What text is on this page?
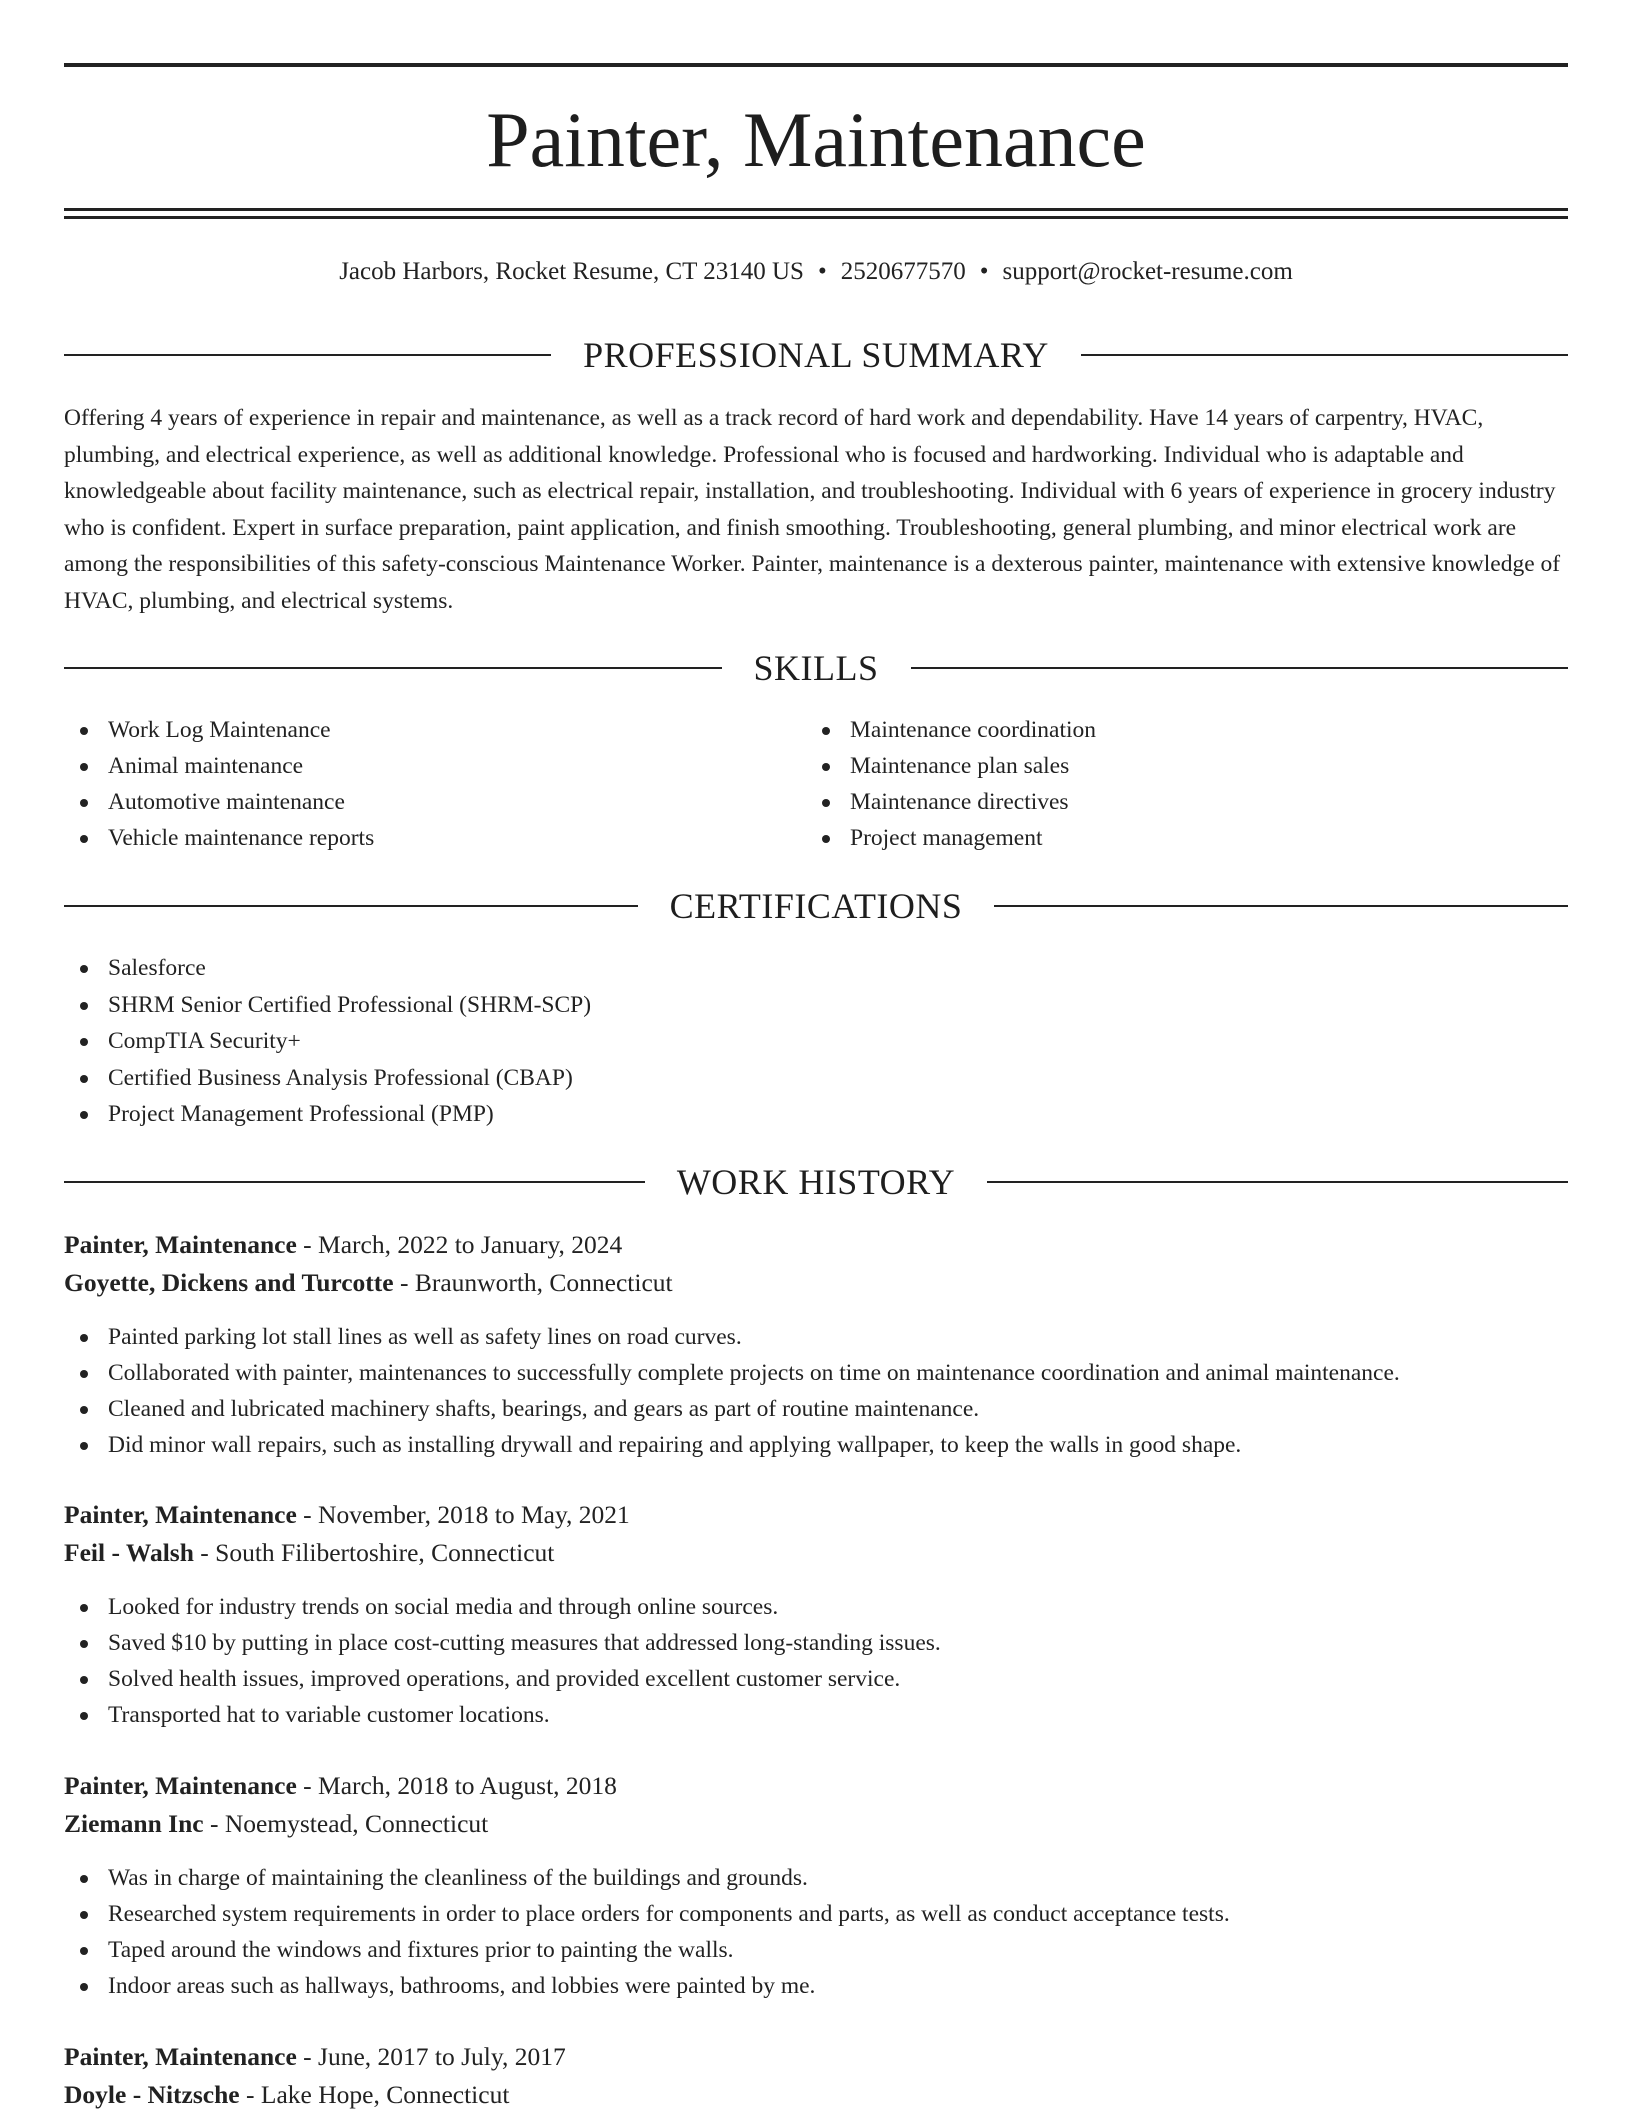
Painter, Maintenance
Jacob Harbors, Rocket Resume, CT 23140 US • 2520677570 • support@rocket-resume.com
PROFESSIONAL SUMMARY

Offering 4 years of experience in repair and maintenance, as well as a track record of hard work and dependability. Have 14 years of carpentry, HVAC, plumbing, and electrical experience, as well as additional knowledge. Professional who is focused and hardworking. Individual who is adaptable and knowledgeable about facility maintenance, such as electrical repair, installation, and troubleshooting. Individual with 6 years of experience in grocery industry who is confident. Expert in surface preparation, paint application, and finish smoothing. Troubleshooting, general plumbing, and minor electrical work are among the responsibilities of this safety-conscious Maintenance Worker. Painter, maintenance is a dexterous painter, maintenance with extensive knowledge of HVAC, plumbing, and electrical systems.

SKILLS
Work Log Maintenance
Animal maintenance
Automotive maintenance
Vehicle maintenance reports
Maintenance coordination
Maintenance plan sales
Maintenance directives
Project management
CERTIFICATIONS
Salesforce
SHRM Senior Certified Professional (SHRM-SCP)
CompTIA Security+
Certified Business Analysis Professional (CBAP)
Project Management Professional (PMP)
WORK HISTORY
Painter, Maintenance - March, 2022 to January, 2024
Goyette, Dickens and Turcotte - Braunworth, Connecticut
Painted parking lot stall lines as well as safety lines on road curves.
Collaborated with painter, maintenances to successfully complete projects on time on maintenance coordination and animal maintenance.
Cleaned and lubricated machinery shafts, bearings, and gears as part of routine maintenance.
Did minor wall repairs, such as installing drywall and repairing and applying wallpaper, to keep the walls in good shape.
Painter, Maintenance - November, 2018 to May, 2021
Feil - Walsh - South Filibertoshire, Connecticut
Looked for industry trends on social media and through online sources.
Saved $10 by putting in place cost-cutting measures that addressed long-standing issues.
Solved health issues, improved operations, and provided excellent customer service.
Transported hat to variable customer locations.
Painter, Maintenance - March, 2018 to August, 2018
Ziemann Inc - Noemystead, Connecticut
Was in charge of maintaining the cleanliness of the buildings and grounds.
Researched system requirements in order to place orders for components and parts, as well as conduct acceptance tests.
Taped around the windows and fixtures prior to painting the walls.
Indoor areas such as hallways, bathrooms, and lobbies were painted by me.
Painter, Maintenance - June, 2017 to July, 2017
Doyle - Nitzsche - Lake Hope, Connecticut
